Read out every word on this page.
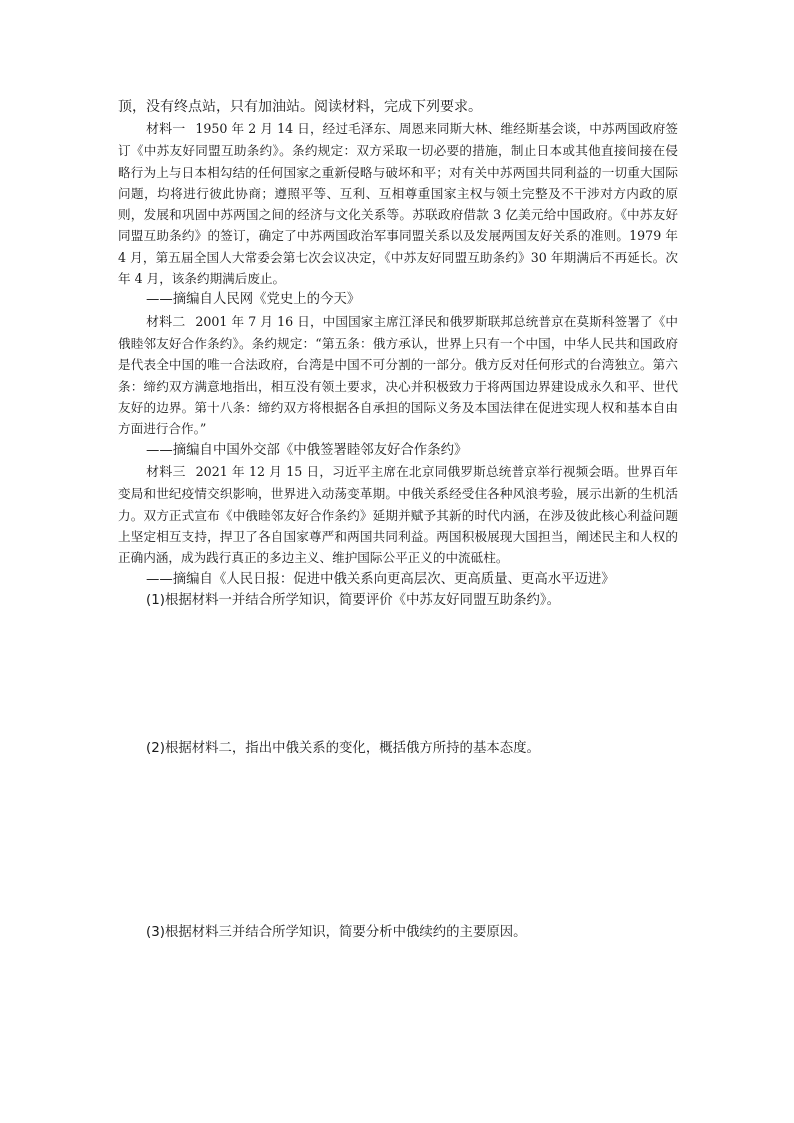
顶，没有终点站，只有加油站。阅读材料，完成下列要求。

材料一 1950 年 2 月 14 日，经过毛泽东、周恩来同斯大林、维经斯基会谈，中苏两国政府签订《中苏友好同盟互助条约》。条约规定：双方采取一切必要的措施，制止日本或其他直接间接在侵略行为上与日本相勾结的任何国家之重新侵略与破坏和平；对有关中苏两国共同利益的一切重大国际问题，均将进行彼此协商；遵照平等、互利、互相尊重国家主权与领土完整及不干涉对方内政的原则，发展和巩固中苏两国之间的经济与文化关系等。苏联政府借款 3 亿美元给中国政府。《中苏友好同盟互助条约》的签订，确定了中苏两国政治军事同盟关系以及发展两国友好关系的准则。1979 年 4 月，第五届全国人大常委会第七次会议决定，《中苏友好同盟互助条约》30 年期满后不再延长。次年 4 月，该条约期满后废止。

——摘编自人民网《党史上的今天》

材料二 2001 年 7 月 16 日，中国国家主席江泽民和俄罗斯联邦总统普京在莫斯科签署了《中俄睦邻友好合作条约》。条约规定：“第五条：俄方承认，世界上只有一个中国，中华人民共和国政府是代表全中国的唯一合法政府，台湾是中国不可分割的一部分。俄方反对任何形式的台湾独立。第六条：缔约双方满意地指出，相互没有领土要求，决心并积极致力于将两国边界建设成永久和平、世代友好的边界。第十八条：缔约双方将根据各自承担的国际义务及本国法律在促进实现人权和基本自由方面进行合作。”

——摘编自中国外交部《中俄签署睦邻友好合作条约》

材料三 2021 年 12 月 15 日，习近平主席在北京同俄罗斯总统普京举行视频会晤。世界百年变局和世纪疫情交织影响，世界进入动荡变革期。中俄关系经受住各种风浪考验，展示出新的生机活力。双方正式宣布《中俄睦邻友好合作条约》延期并赋予其新的时代内涵，在涉及彼此核心利益问题上坚定相互支持，捍卫了各自国家尊严和两国共同利益。两国积极展现大国担当，阐述民主和人权的正确内涵，成为践行真正的多边主义、维护国际公平正义的中流砥柱。

——摘编自《人民日报：促进中俄关系向更高层次、更高质量、更高水平迈进》

(1)根据材料一并结合所学知识，简要评价《中苏友好同盟互助条约》。

(2)根据材料二，指出中俄关系的变化，概括俄方所持的基本态度。

(3)根据材料三并结合所学知识，简要分析中俄续约的主要原因。
